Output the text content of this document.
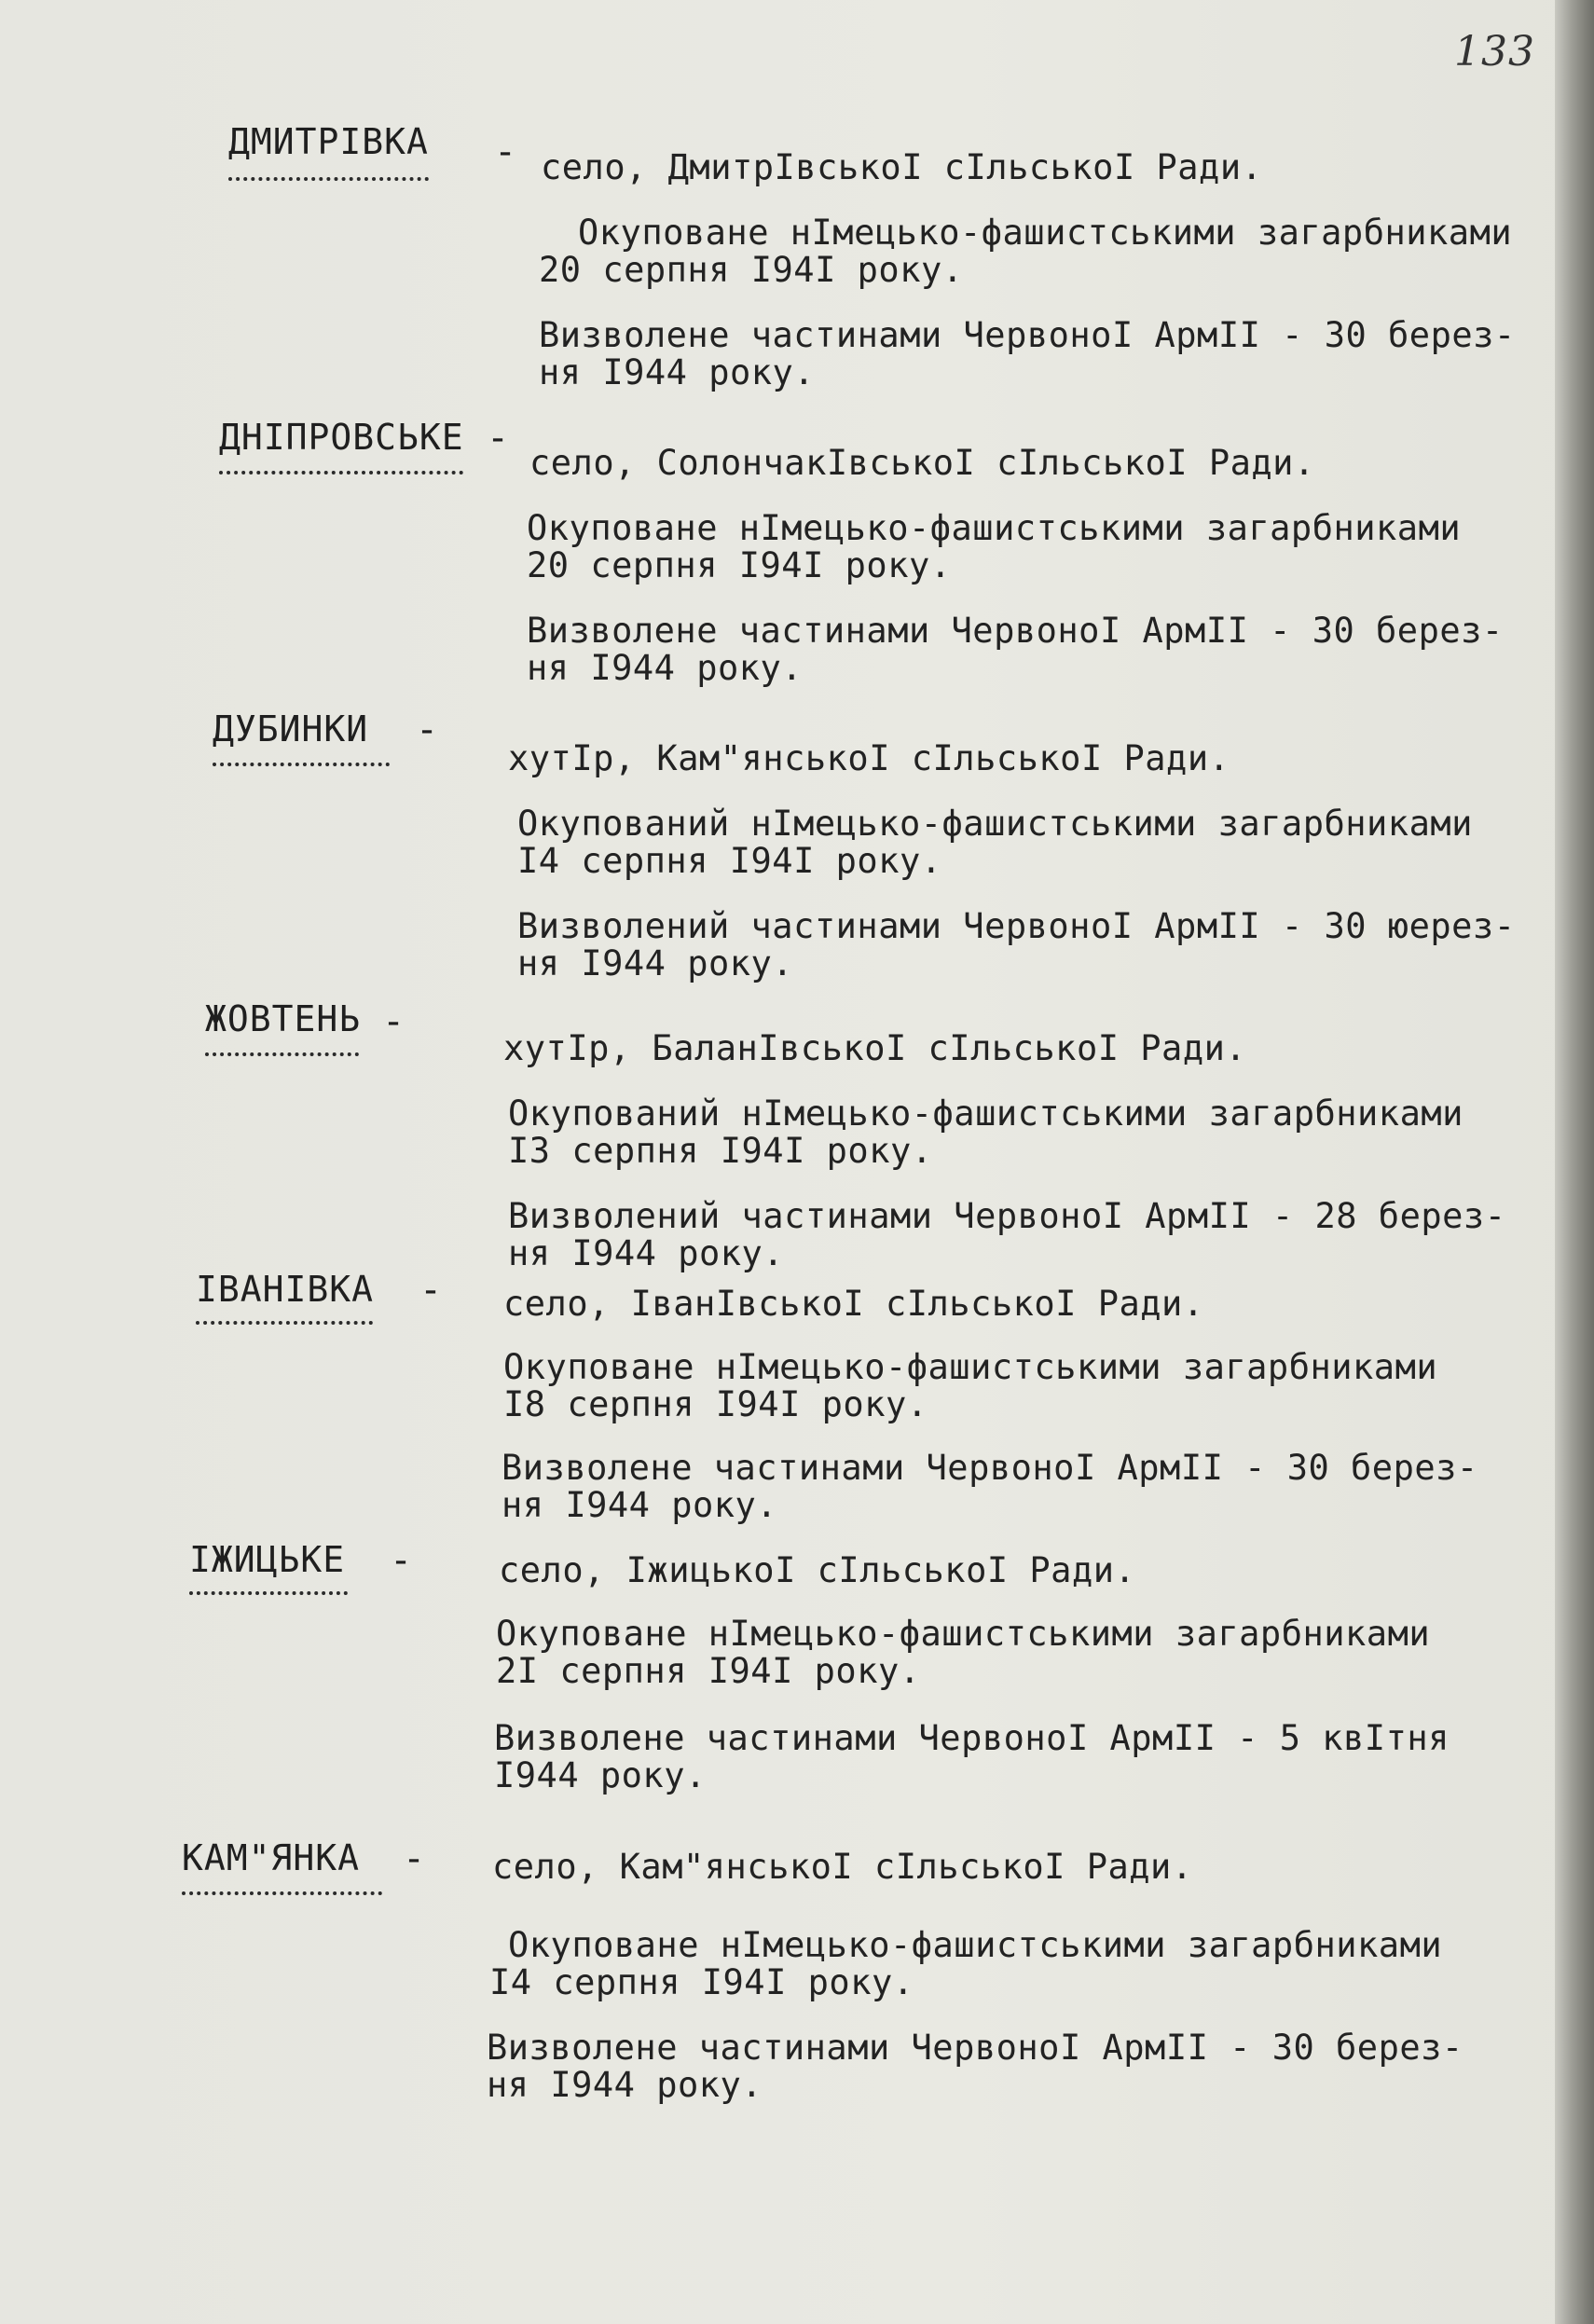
133
ДМИТРІВКА - село, ДмитрІвськоI сIльськоI Ради.
Окуповане нІмецько-фашистськими загарбниками
20 серпня I94I року.
Визволене частинами ЧервоноI АрмII - 30 берез-
ня I944 року.
ДНІПРОВСЬКЕ -
село, СолончакІвськоI сІльськоI Ради.
Окуповане нІмецько-фашистськими загарбниками
20 серпня I94I року.
Визволене частинами ЧервоноI АрмII - 30 берез-
ня I944 року.
ДУБИНКИ -
хутІр, Кам"янськоI сІльськоI Ради.
Окупований нІмецько-фашистськими загарбниками
I4 серпня I94I року.
Визволений частинами ЧервоноI АрмII - 30 юерез-
ня I944 року.
ЖОВТЕНЬ -
хутІр, БаланІвськоI сІльськоI Ради.
Окупований нІмецько-фашистськими загарбниками
I3 серпня I94I року.
Визволений частинами ЧервоноI АрмII - 28 берез-
ня I944 року.
ІВАНІВКА - село, ІванІвськоI сІльськоI Ради.
Окуповане нІмецько-фашистськими загарбниками
I8 серпня I94I року.
Визволене частинами ЧервоноI АрмII - 30 берез-
ня I944 року.
ІЖИЦЬКЕ -	село, ІжицькоI сІльськоI Ради.
Окуповане нІмецько-фашистськими загарбниками
2I серпня I94I року.
Визволене частинами ЧервоноI АрмII - 5 квІтня
I944 року.
КАМ"ЯНКА - село, Кам"янськоI сІльськоI Ради.
Окуповане нІмецько-фашистськими загарбниками
I4 серпня I94I року.
Визволене частинами ЧервоноI АрмII - 30 берез-
ня I944 року.
